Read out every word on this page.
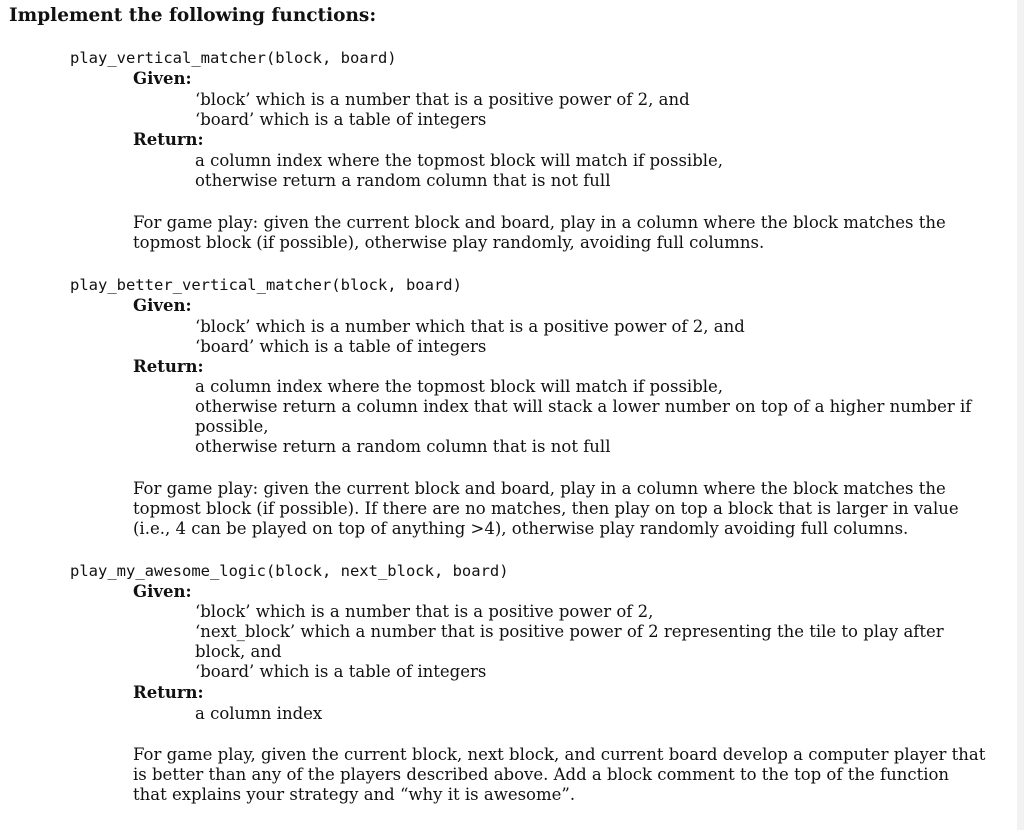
Implement the following functions:
play_vertical_matcher(block, board)
Given:
‘block’ which is a number that is a positive power of 2, and
‘board’ which is a table of integers
Return:
a column index where the topmost block will match if possible,
otherwise return a random column that is not full
For game play: given the current block and board, play in a column where the block matches the
topmost block (if possible), otherwise play randomly, avoiding full columns.
play_better_vertical_matcher(block, board)
Given:
‘block’ which is a number which that is a positive power of 2, and
‘board’ which is a table of integers
Return:
a column index where the topmost block will match if possible,
otherwise return a column index that will stack a lower number on top of a higher number if
possible,
otherwise return a random column that is not full
For game play: given the current block and board, play in a column where the block matches the
topmost block (if possible). If there are no matches, then play on top a block that is larger in value
(i.e., 4 can be played on top of anything >4), otherwise play randomly avoiding full columns.
play_my_awesome_logic(block, next_block, board)
Given:
‘block’ which is a number that is a positive power of 2,
‘next_block’ which a number that is positive power of 2 representing the tile to play after
block, and
‘board’ which is a table of integers
Return:
a column index
For game play, given the current block, next block, and current board develop a computer player that
is better than any of the players described above. Add a block comment to the top of the function
that explains your strategy and “why it is awesome”.
